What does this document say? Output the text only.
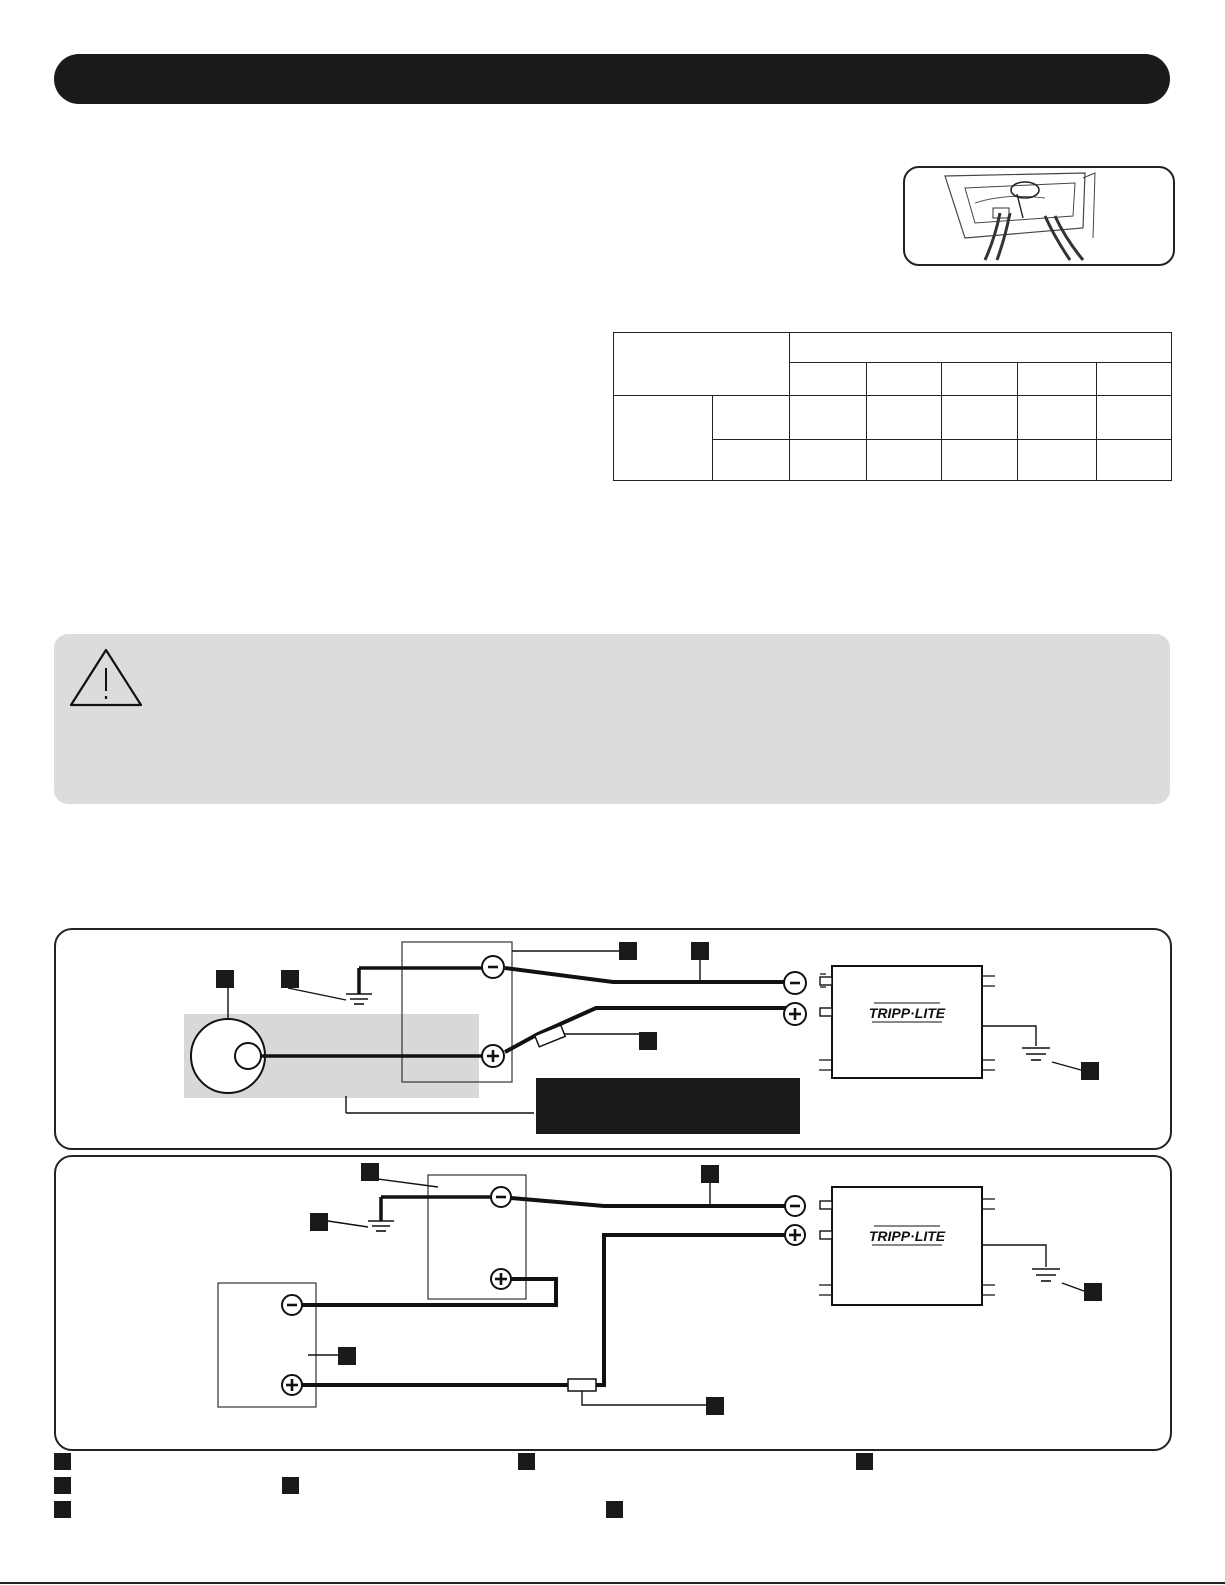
TRIPP·LITE
TRIPP·LITE
